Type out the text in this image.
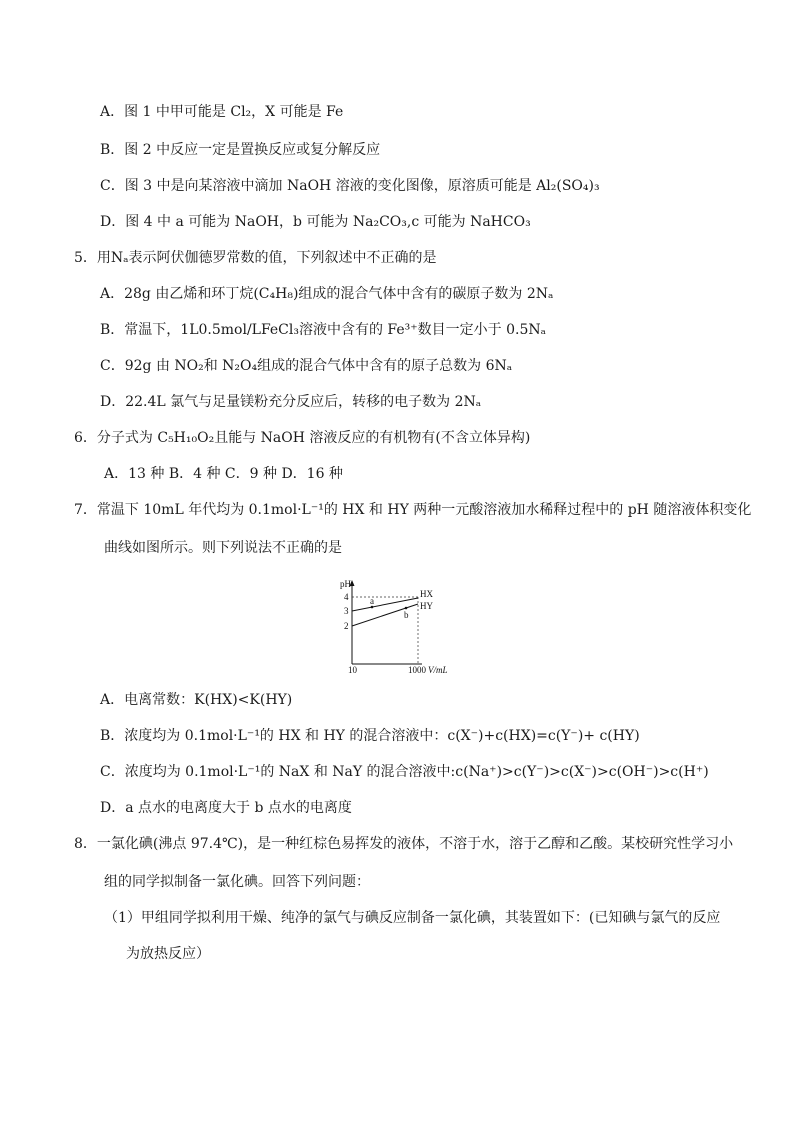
A．图 1 中甲可能是 Cl₂，X 可能是 Fe
B．图 2 中反应一定是置换反应或复分解反应
C．图 3 中是向某溶液中滴加 NaOH 溶液的变化图像，原溶质可能是 Al₂(SO₄)₃
D．图 4 中 a 可能为 NaOH，b 可能为 Na₂CO₃,c 可能为 NaHCO₃
5．用Nₐ表示阿伏伽德罗常数的值，下列叙述中不正确的是
A．28g 由乙烯和环丁烷(C₄H₈)组成的混合气体中含有的碳原子数为 2Nₐ
B．常温下，1L0.5mol/LFeCl₃溶液中含有的 Fe³⁺数目一定小于 0.5Nₐ
C．92g 由 NO₂和 N₂O₄组成的混合气体中含有的原子总数为 6Nₐ
D．22.4L 氯气与足量镁粉充分反应后，转移的电子数为 2Nₐ
6．分子式为 C₅H₁₀O₂且能与 NaOH 溶液反应的有机物有(不含立体异构)
A．13 种 B．4 种 C．9 种 D．16 种
7．常温下 10mL 年代均为 0.1mol·L⁻¹的 HX 和 HY 两种一元酸溶液加水稀释过程中的 pH 随溶液体积变化
曲线如图所示。则下列说法不正确的是
pH
4
3
2
a
b
HX
HY
10	1000 V/mL
A．电离常数：K(HX)<K(HY)
B．浓度均为 0.1mol·L⁻¹的 HX 和 HY 的混合溶液中：c(X⁻)+c(HX)=c(Y⁻)+ c(HY)
C．浓度均为 0.1mol·L⁻¹的 NaX 和 NaY 的混合溶液中:c(Na⁺)>c(Y⁻)>c(X⁻)>c(OH⁻)>c(H⁺)
D．a 点水的电离度大于 b 点水的电离度
8．一氯化碘(沸点 97.4℃)，是一种红棕色易挥发的液体，不溶于水，溶于乙醇和乙酸。某校研究性学习小
组的同学拟制备一氯化碘。回答下列问题：
（1）甲组同学拟利用干燥、纯净的氯气与碘反应制备一氯化碘，其装置如下：(已知碘与氯气的反应
为放热反应）
